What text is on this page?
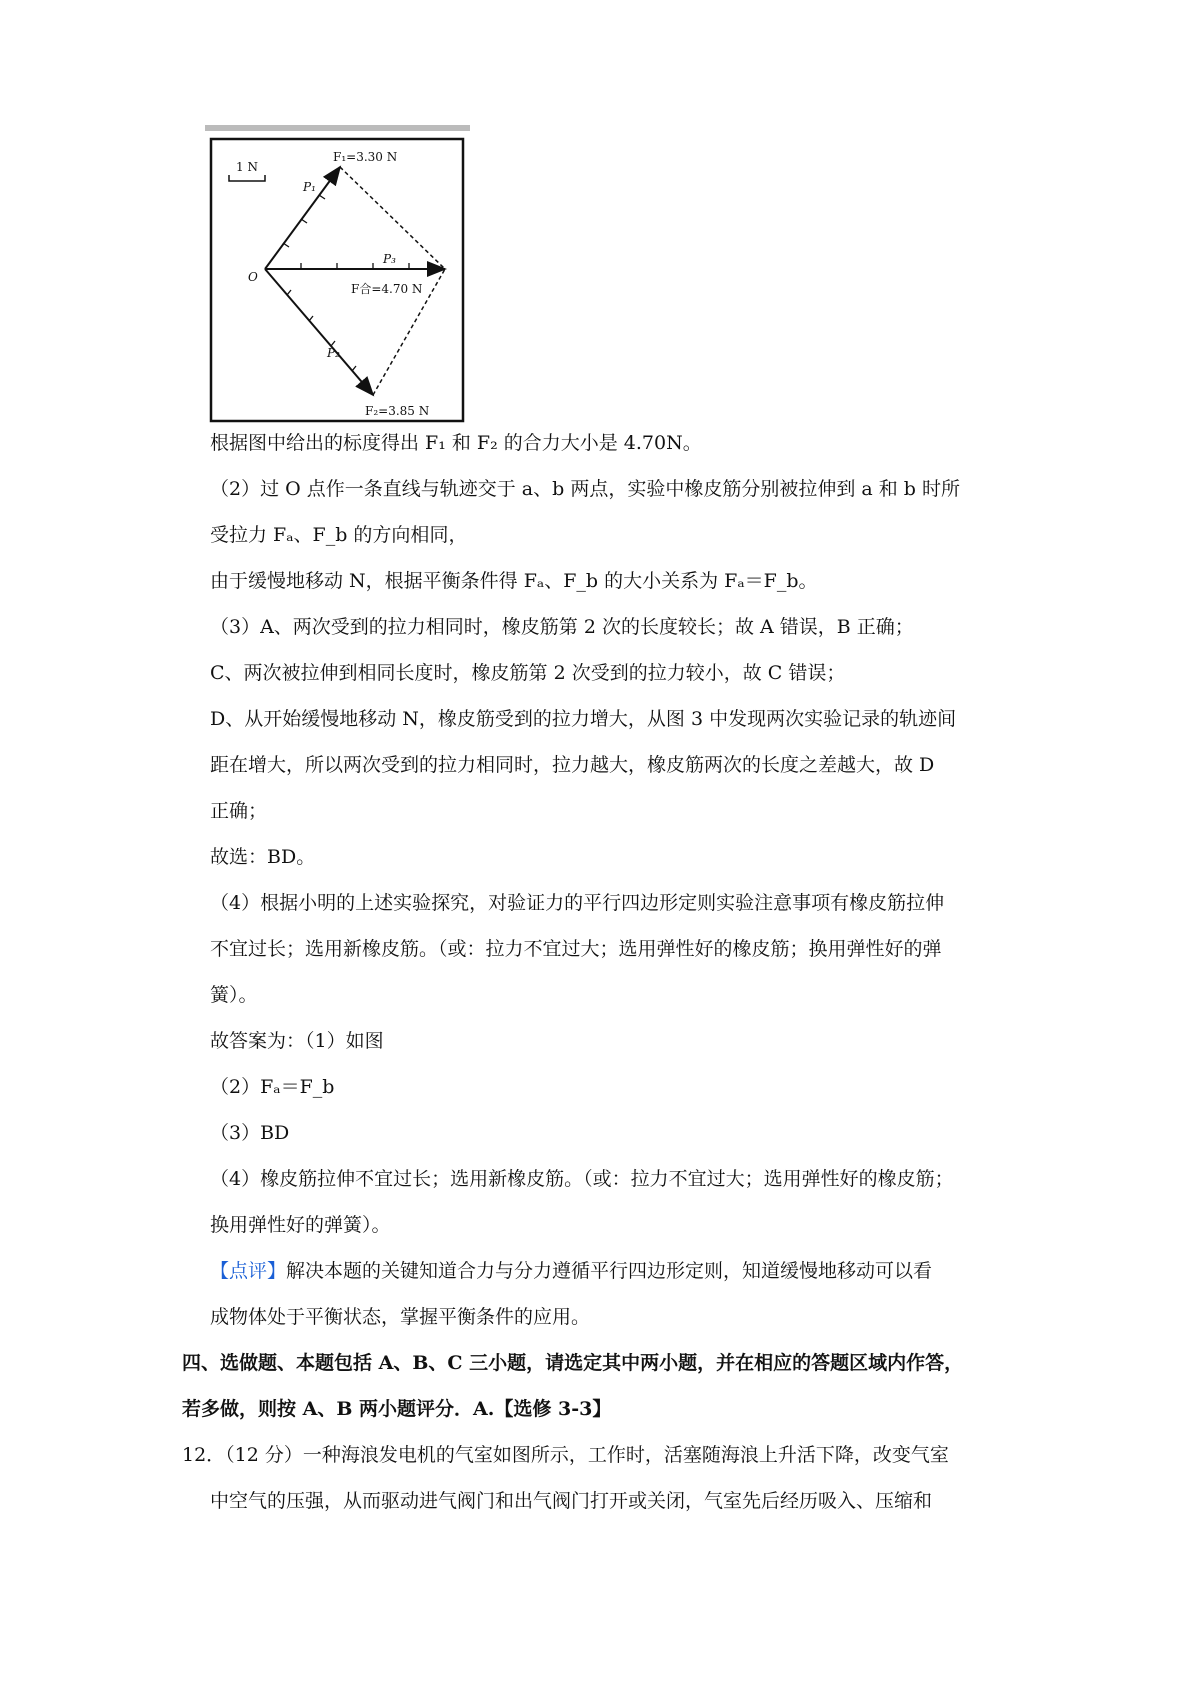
1 N
F₁=3.30 N
P₁
O
P₃
F合=4.70 N
P₂
F₂=3.85 N
根据图中给出的标度得出 F₁ 和 F₂ 的合力大小是 4.70N。
（2）过 O 点作一条直线与轨迹交于 a、b 两点，实验中橡皮筋分别被拉伸到 a 和 b 时所
受拉力 Fₐ、F_b 的方向相同，
由于缓慢地移动 N，根据平衡条件得 Fₐ、F_b 的大小关系为 Fₐ＝F_b。
（3）A、两次受到的拉力相同时，橡皮筋第 2 次的长度较长；故 A 错误，B 正确；
C、两次被拉伸到相同长度时，橡皮筋第 2 次受到的拉力较小，故 C 错误；
D、从开始缓慢地移动 N，橡皮筋受到的拉力增大，从图 3 中发现两次实验记录的轨迹间
距在增大，所以两次受到的拉力相同时，拉力越大，橡皮筋两次的长度之差越大，故 D
正确；
故选：BD。
（4）根据小明的上述实验探究，对验证力的平行四边形定则实验注意事项有橡皮筋拉伸
不宜过长；选用新橡皮筋。（或：拉力不宜过大；选用弹性好的橡皮筋；换用弹性好的弹
簧）。
故答案为：（1）如图
（2）Fₐ＝F_b
（3）BD
（4）橡皮筋拉伸不宜过长；选用新橡皮筋。（或：拉力不宜过大；选用弹性好的橡皮筋；
换用弹性好的弹簧）。
【点评】解决本题的关键知道合力与分力遵循平行四边形定则，知道缓慢地移动可以看
成物体处于平衡状态，掌握平衡条件的应用。
四、选做题、本题包括 A、B、C 三小题，请选定其中两小题，并在相应的答题区域内作答，
若多做，则按 A、B 两小题评分．A.【选修 3-3】
12．（12 分）一种海浪发电机的气室如图所示，工作时，活塞随海浪上升活下降，改变气室
中空气的压强，从而驱动进气阀门和出气阀门打开或关闭，气室先后经历吸入、压缩和
